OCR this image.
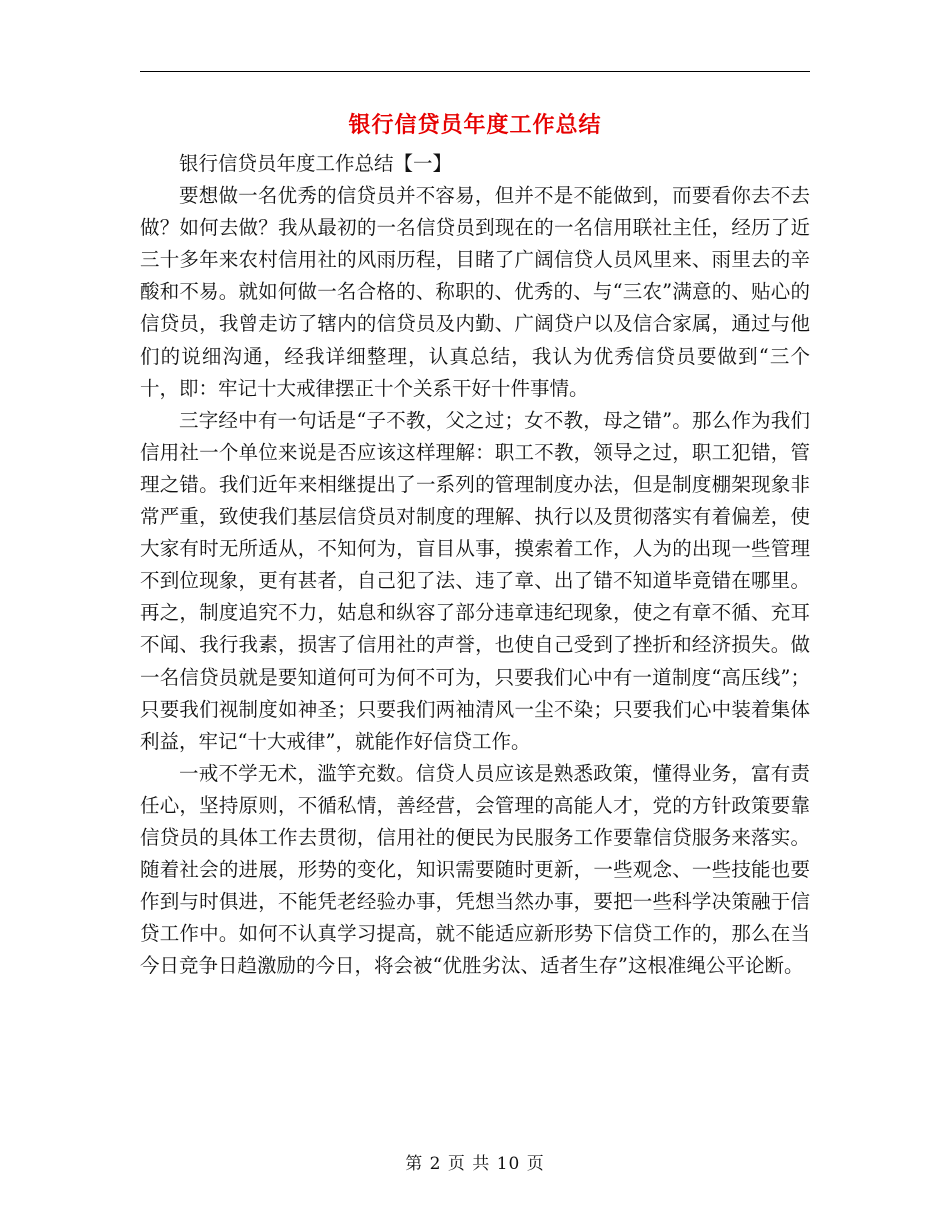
银行信贷员年度工作总结

银行信贷员年度工作总结【一】

要想做一名优秀的信贷员并不容易，但并不是不能做到，而要看你去不去做？如何去做？我从最初的一名信贷员到现在的一名信用联社主任，经历了近三十多年来农村信用社的风雨历程，目睹了广阔信贷人员风里来、雨里去的辛酸和不易。就如何做一名合格的、称职的、优秀的、与“三农”满意的、贴心的信贷员，我曾走访了辖内的信贷员及内勤、广阔贷户以及信合家属，通过与他们的说细沟通，经我详细整理，认真总结，我认为优秀信贷员要做到“三个十，即：牢记十大戒律摆正十个关系干好十件事情。

三字经中有一句话是“子不教，父之过；女不教，母之错”。那么作为我们信用社一个单位来说是否应该这样理解：职工不教，领导之过，职工犯错，管理之错。我们近年来相继提出了一系列的管理制度办法，但是制度棚架现象非常严重，致使我们基层信贷员对制度的理解、执行以及贯彻落实有着偏差，使大家有时无所适从，不知何为，盲目从事，摸索着工作，人为的出现一些管理不到位现象，更有甚者，自己犯了法、违了章、出了错不知道毕竟错在哪里。再之，制度追究不力，姑息和纵容了部分违章违纪现象，使之有章不循、充耳不闻、我行我素，损害了信用社的声誉，也使自己受到了挫折和经济损失。做一名信贷员就是要知道何可为何不可为，只要我们心中有一道制度“高压线”；只要我们视制度如神圣；只要我们两袖清风一尘不染；只要我们心中装着集体利益，牢记“十大戒律”，就能作好信贷工作。

一戒不学无术，滥竽充数。信贷人员应该是熟悉政策，懂得业务，富有责任心，坚持原则，不循私情，善经营，会管理的高能人才，党的方针政策要靠信贷员的具体工作去贯彻，信用社的便民为民服务工作要靠信贷服务来落实。随着社会的进展，形势的变化，知识需要随时更新，一些观念、一些技能也要作到与时俱进，不能凭老经验办事，凭想当然办事，要把一些科学决策融于信贷工作中。如何不认真学习提高，就不能适应新形势下信贷工作的，那么在当今日竞争日趋激励的今日，将会被“优胜劣汰、适者生存”这根准绳公平论断。

第 2 页 共 10 页
